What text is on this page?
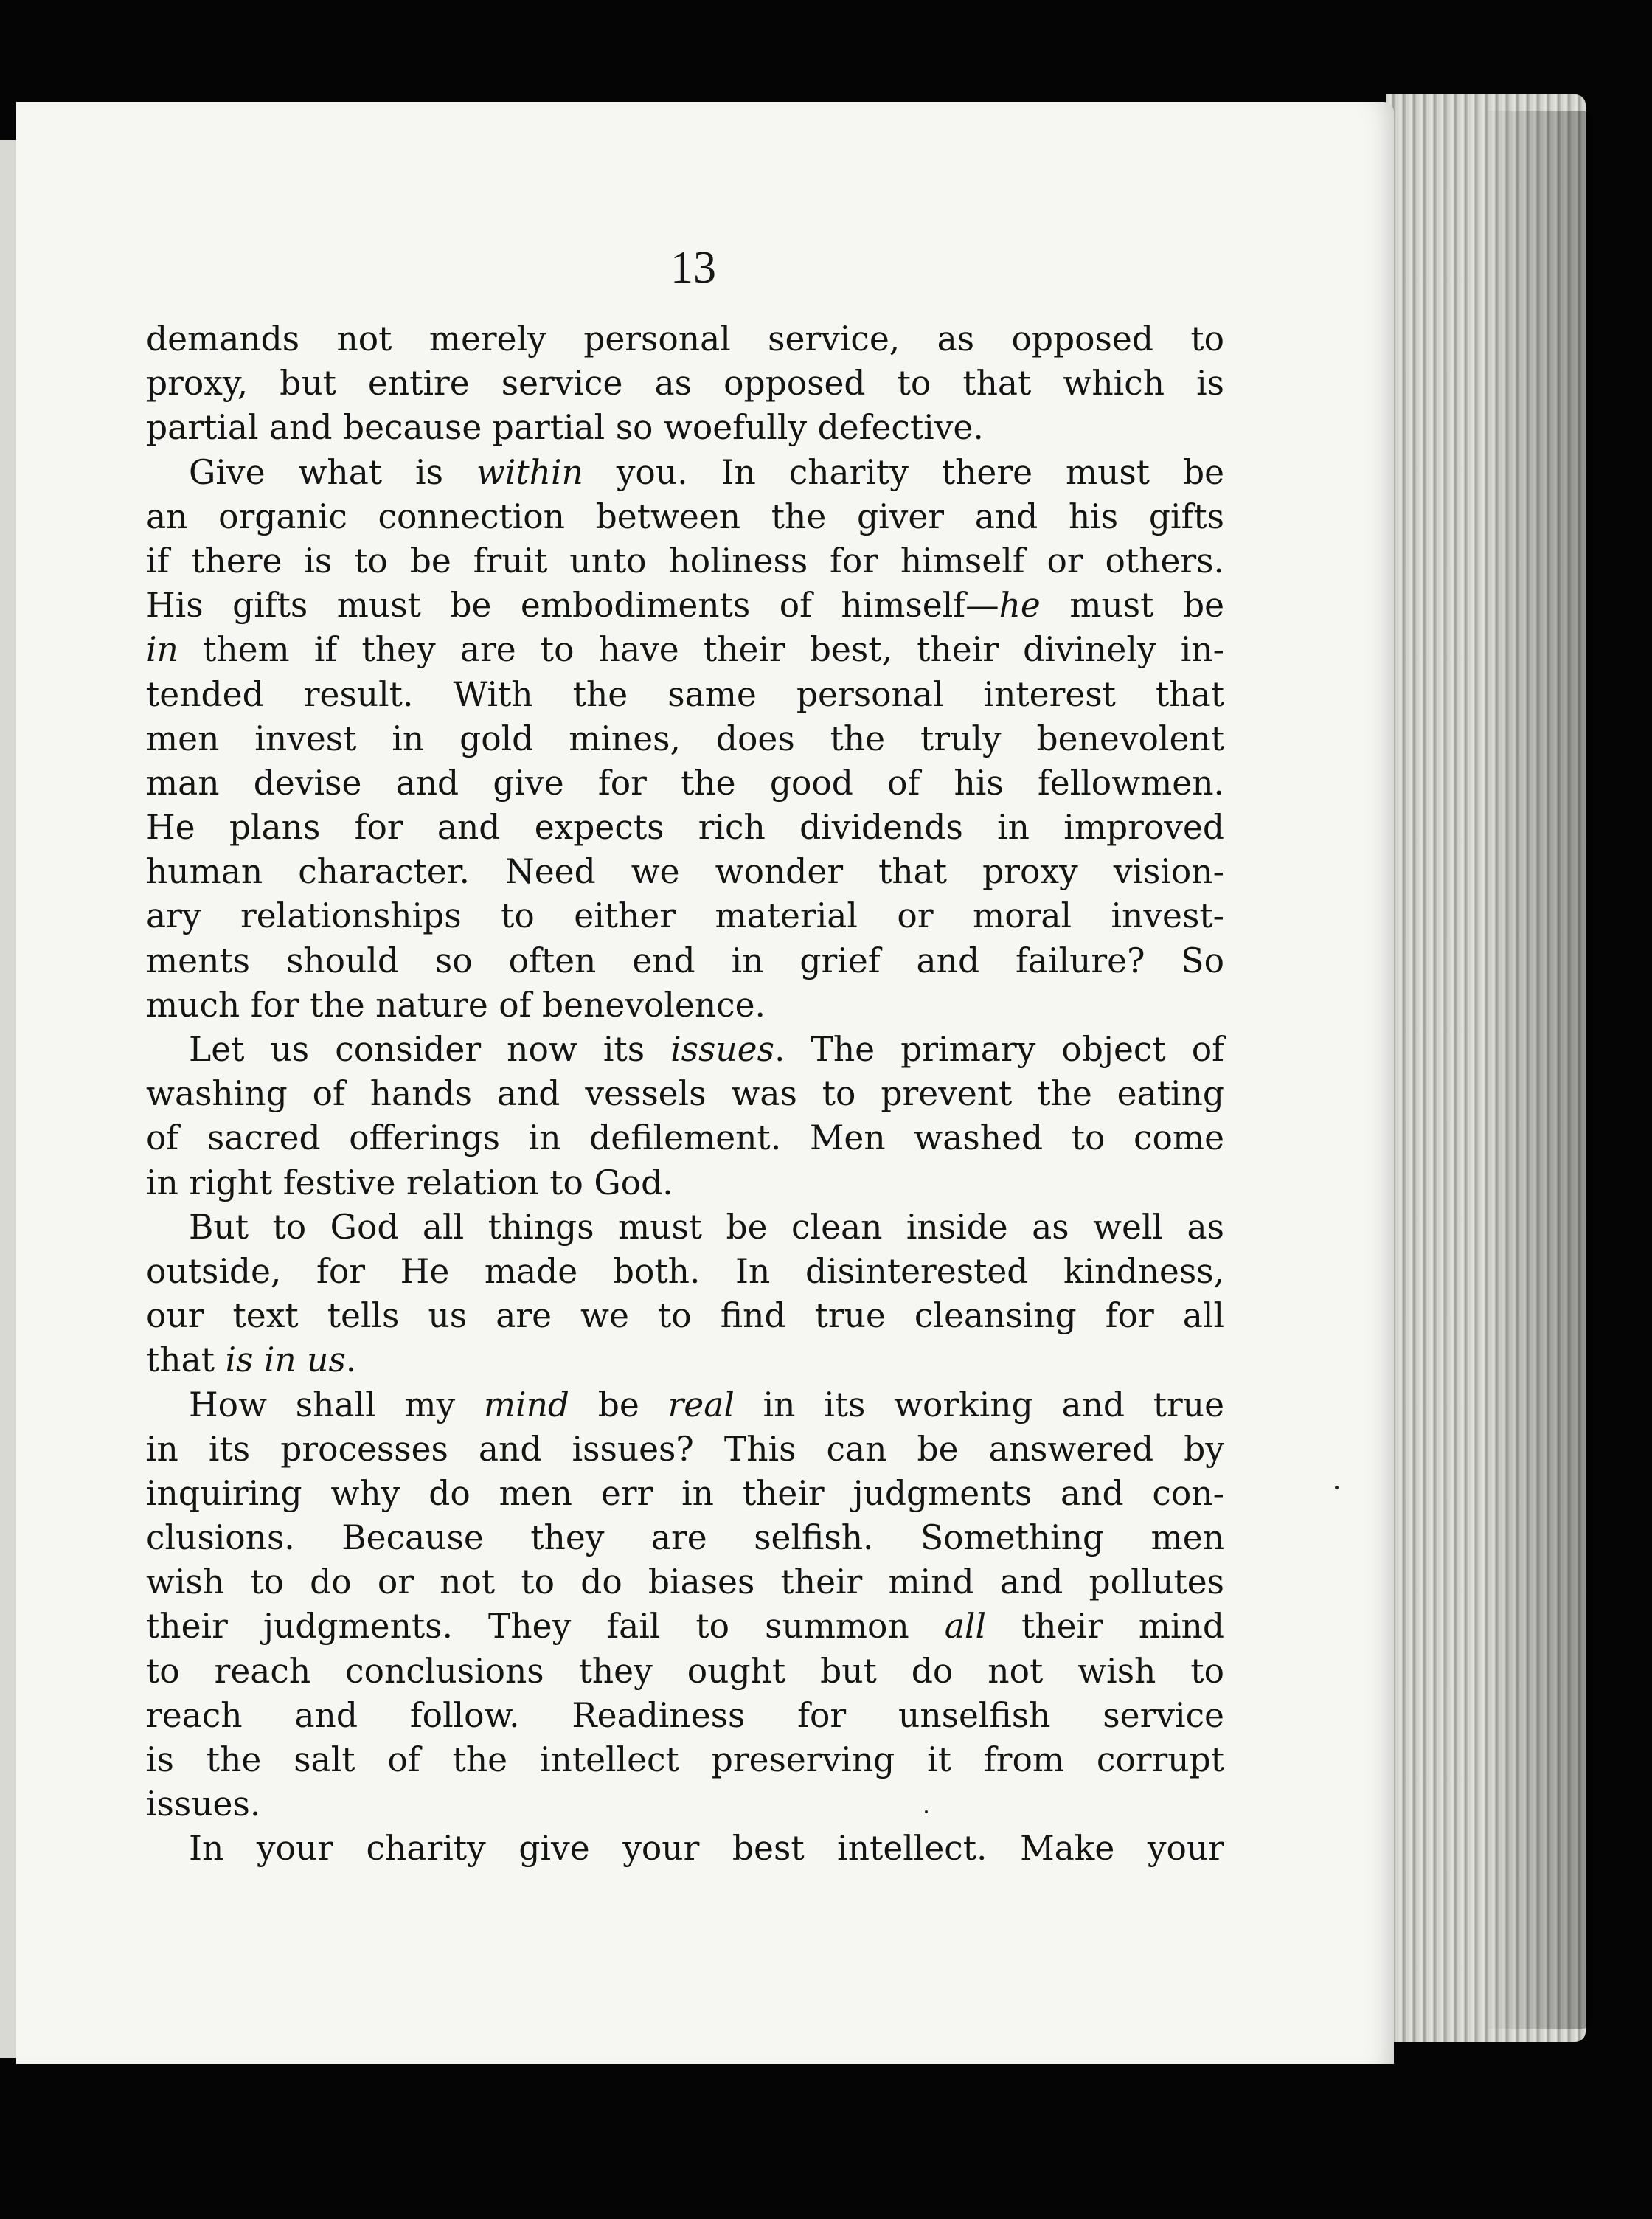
13
demands not merely personal service, as opposed to
proxy, but entire service as opposed to that which is
partial and because partial so woefully defective.
Give what is within you. In charity there must be
an organic connection between the giver and his gifts
if there is to be fruit unto holiness for himself or others.
His gifts must be embodiments of himself—he must be
in them if they are to have their best, their divinely in-
tended result. With the same personal interest that
men invest in gold mines, does the truly benevolent
man devise and give for the good of his fellowmen.
He plans for and expects rich dividends in improved
human character. Need we wonder that proxy vision-
ary relationships to either material or moral invest-
ments should so often end in grief and failure? So
much for the nature of benevolence.
Let us consider now its issues. The primary object of
washing of hands and vessels was to prevent the eating
of sacred offerings in defilement. Men washed to come
in right festive relation to God.
But to God all things must be clean inside as well as
outside, for He made both. In disinterested kindness,
our text tells us are we to find true cleansing for all
that is in us.
How shall my mind be real in its working and true
in its processes and issues? This can be answered by
inquiring why do men err in their judgments and con-
clusions. Because they are selfish. Something men
wish to do or not to do biases their mind and pollutes
their judgments. They fail to summon all their mind
to reach conclusions they ought but do not wish to
reach and follow. Readiness for unselfish service
is the salt of the intellect preserving it from corrupt
issues.
In your charity give your best intellect. Make your
